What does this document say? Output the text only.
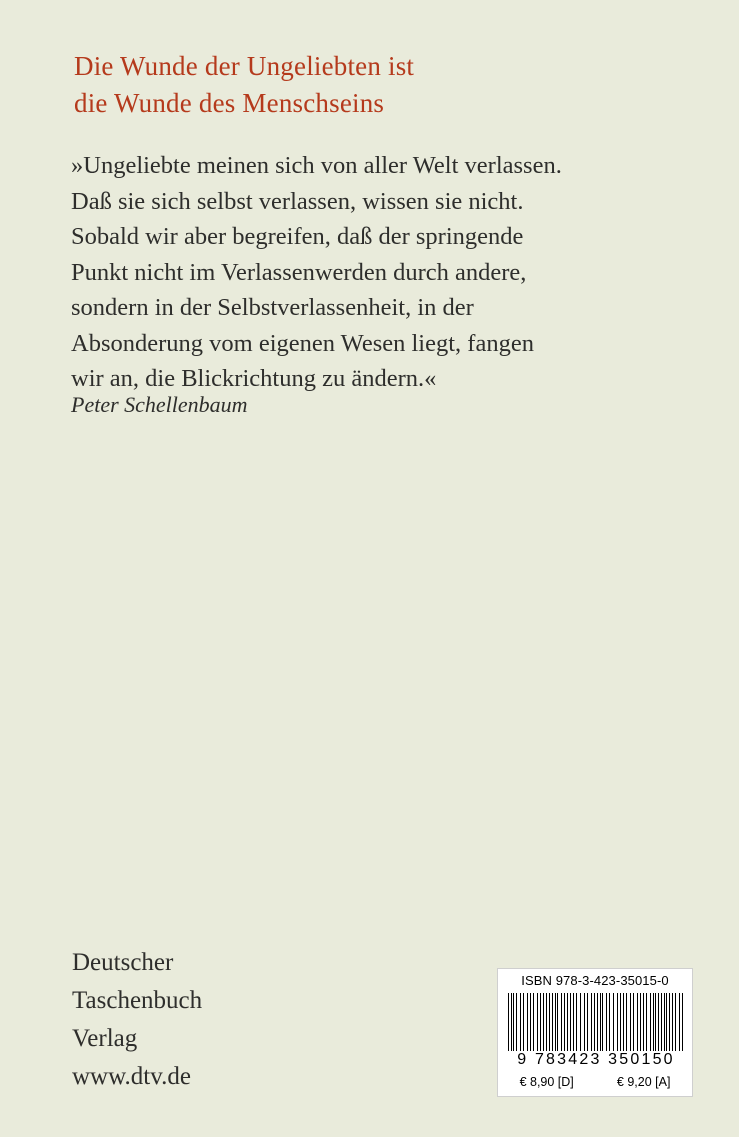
Die Wunde der Ungeliebten ist
die Wunde des Menschseins
»Ungeliebte meinen sich von aller Welt verlassen.
Daß sie sich selbst verlassen, wissen sie nicht.
Sobald wir aber begreifen, daß der springende
Punkt nicht im Verlassenwerden durch andere,
sondern in der Selbstverlassenheit, in der
Absonderung vom eigenen Wesen liegt, fangen
wir an, die Blickrichtung zu ändern.«
Peter Schellenbaum
Deutscher
Taschenbuch
Verlag
www.dtv.de
ISBN 978-3-423-35015-0
9 783423 350150
€ 8,90 [D]	€ 9,20 [A]
